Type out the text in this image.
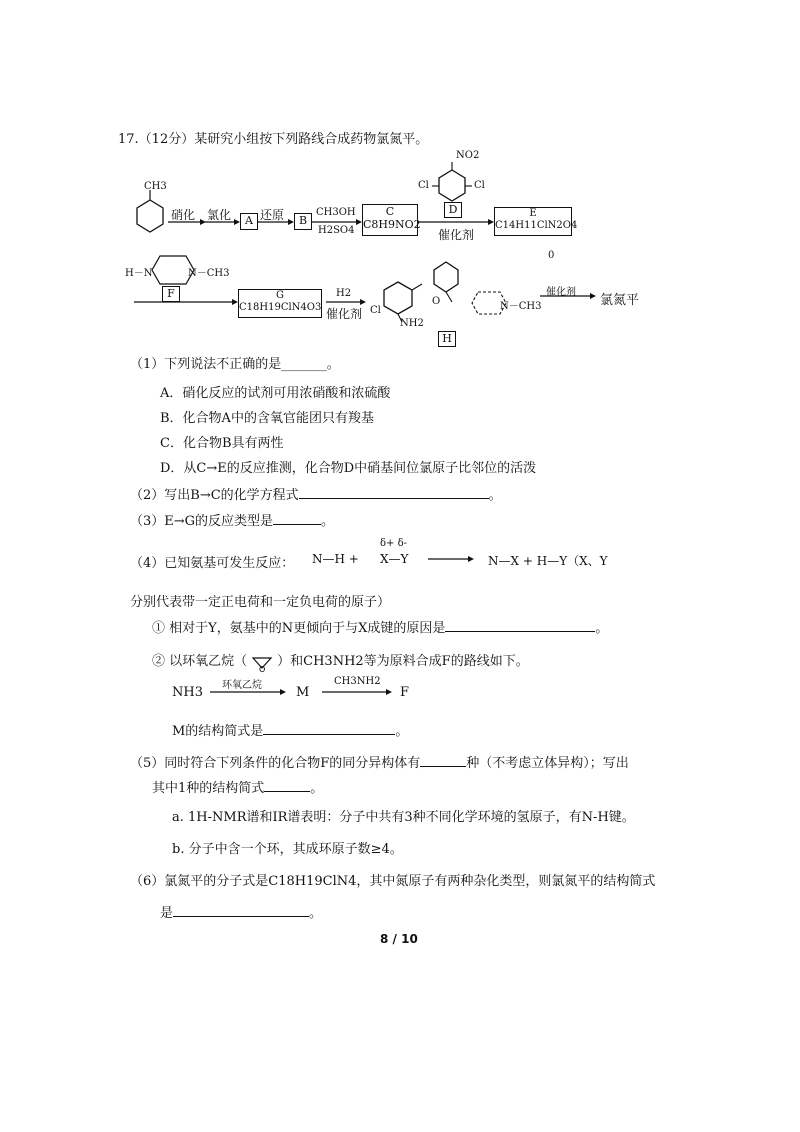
17.（12分）某研究小组按下列路线合成药物氯氮平。
CH3
硝化 氯化	A 还原	B
CH3OH
H2SO4
C
C8H9NO2
NO2
Cl	Cl
D
催化剂
E
C14H11ClN2O4
0
H－N	N－CH3
F	G
C18H19ClN4O3
H2
催化剂 Cl
NH2
O	N－CH3
H
催化剂
氯氮平
（1）下列说法不正确的是_______。
A．硝化反应的试剂可用浓硝酸和浓硫酸
B．化合物A中的含氧官能团只有羧基
C．化合物B具有两性
D．从C→E的反应推测，化合物D中硝基间位氯原子比邻位的活泼
（2）写出B→C的化学方程式	。
（3）E→G的反应类型是	。
（4）已知氨基可发生反应： N—H +
δ+ δ-
X—Y	N—X + H—Y（X、Y
分别代表带一定正电荷和一定负电荷的原子）
① 相对于Y，氨基中的N更倾向于与X成键的原因是	。
② 以环氧乙烷（ O ）和CH3NH2等为原料合成F的路线如下。
NH3 环氧乙烷	M
CH3NH2
F
M的结构简式是	。
（5）同时符合下列条件的化合物F的同分异构体有	种（不考虑立体异构）；写出
其中1种的结构简式	。
a. 1H-NMR谱和IR谱表明：分子中共有3种不同化学环境的氢原子，有N-H键。
b. 分子中含一个环，其成环原子数≥4。
（6）氯氮平的分子式是C18H19ClN4，其中氮原子有两种杂化类型，则氯氮平的结构简式
是	。
8 / 10
